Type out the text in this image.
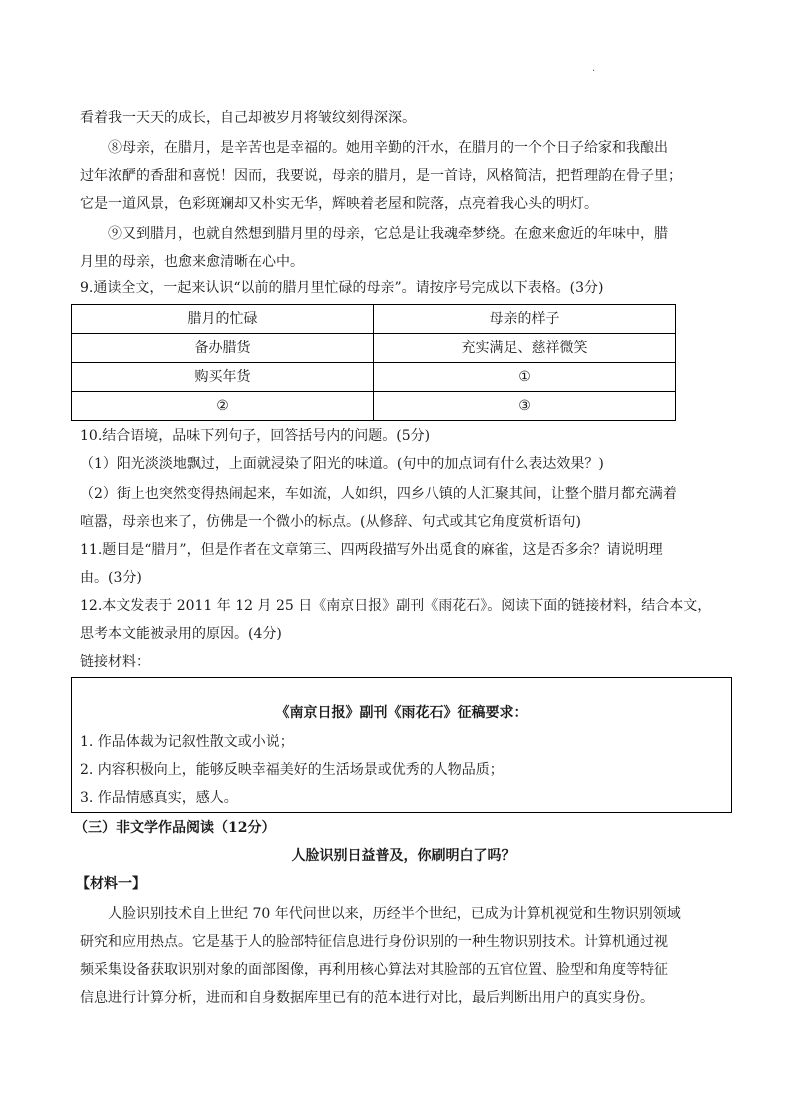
·
看着我一天天的成长，自己却被岁月将皱纹刻得深深。
⑧母亲，在腊月，是辛苦也是幸福的。她用辛勤的汗水，在腊月的一个个日子给家和我酿出
过年浓酽的香甜和喜悦！因而，我要说，母亲的腊月，是一首诗，风格简洁，把哲理韵在骨子里；
它是一道风景，色彩斑斓却又朴实无华，辉映着老屋和院落，点亮着我心头的明灯。
⑨又到腊月，也就自然想到腊月里的母亲，它总是让我魂牵梦绕。在愈来愈近的年味中，腊
月里的母亲，也愈来愈清晰在心中。
9.通读全文，一起来认识“以前的腊月里忙碌的母亲”。请按序号完成以下表格。(3分)
腊月的忙碌	母亲的样子
备办腊货	充实满足、慈祥微笑
购买年货	①
②	③
10.结合语境，品味下列句子，回答括号内的问题。(5分)
（1）阳光淡淡地飘过，上面就浸染了阳光的味道。(句中的加点词有什么表达效果？)
（2）街上也突然变得热闹起来，车如流，人如织，四乡八镇的人汇聚其间，让整个腊月都充满着
喧嚣，母亲也来了，仿佛是一个微小的标点。(从修辞、句式或其它角度赏析语句)
11.题目是“腊月”，但是作者在文章第三、四两段描写外出觅食的麻雀，这是否多余？请说明理
由。(3分)
12.本文发表于 2011 年 12 月 25 日《南京日报》副刊《雨花石》。阅读下面的链接材料，结合本文，
思考本文能被录用的原因。(4分)
链接材料：
《南京日报》副刊《雨花石》征稿要求：
1. 作品体裁为记叙性散文或小说；
2. 内容积极向上，能够反映幸福美好的生活场景或优秀的人物品质；
3. 作品情感真实，感人。
（三）非文学作品阅读（12分）
人脸识别日益普及，你刷明白了吗？
【材料一】
人脸识别技术自上世纪 70 年代问世以来，历经半个世纪，已成为计算机视觉和生物识别领域
研究和应用热点。它是基于人的脸部特征信息进行身份识别的一种生物识别技术。计算机通过视
频采集设备获取识别对象的面部图像，再利用核心算法对其脸部的五官位置、脸型和角度等特征
信息进行计算分析，进而和自身数据库里已有的范本进行对比，最后判断出用户的真实身份。
